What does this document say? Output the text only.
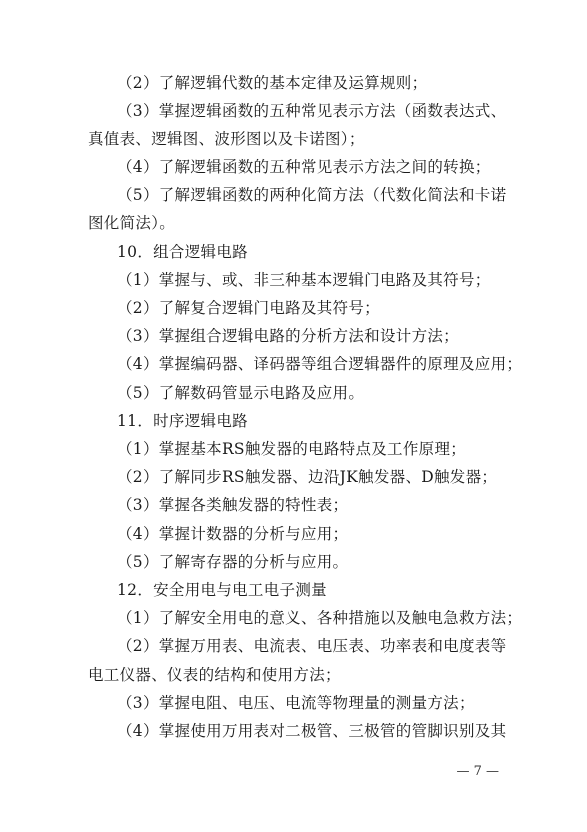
（2）了解逻辑代数的基本定律及运算规则；
（3）掌握逻辑函数的五种常见表示方法（函数表达式、
真值表、逻辑图、波形图以及卡诺图）；
（4）了解逻辑函数的五种常见表示方法之间的转换；
（5）了解逻辑函数的两种化简方法（代数化简法和卡诺
图化简法）。
10．组合逻辑电路
（1）掌握与、或、非三种基本逻辑门电路及其符号；
（2）了解复合逻辑门电路及其符号；
（3）掌握组合逻辑电路的分析方法和设计方法；
（4）掌握编码器、译码器等组合逻辑器件的原理及应用；
（5）了解数码管显示电路及应用。
11．时序逻辑电路
（1）掌握基本RS触发器的电路特点及工作原理；
（2）了解同步RS触发器、边沿JK触发器、D触发器；
（3）掌握各类触发器的特性表；
（4）掌握计数器的分析与应用；
（5）了解寄存器的分析与应用。
12．安全用电与电工电子测量
（1）了解安全用电的意义、各种措施以及触电急救方法；
（2）掌握万用表、电流表、电压表、功率表和电度表等
电工仪器、仪表的结构和使用方法；
（3）掌握电阻、电压、电流等物理量的测量方法；
（4）掌握使用万用表对二极管、三极管的管脚识别及其
— 7 —
